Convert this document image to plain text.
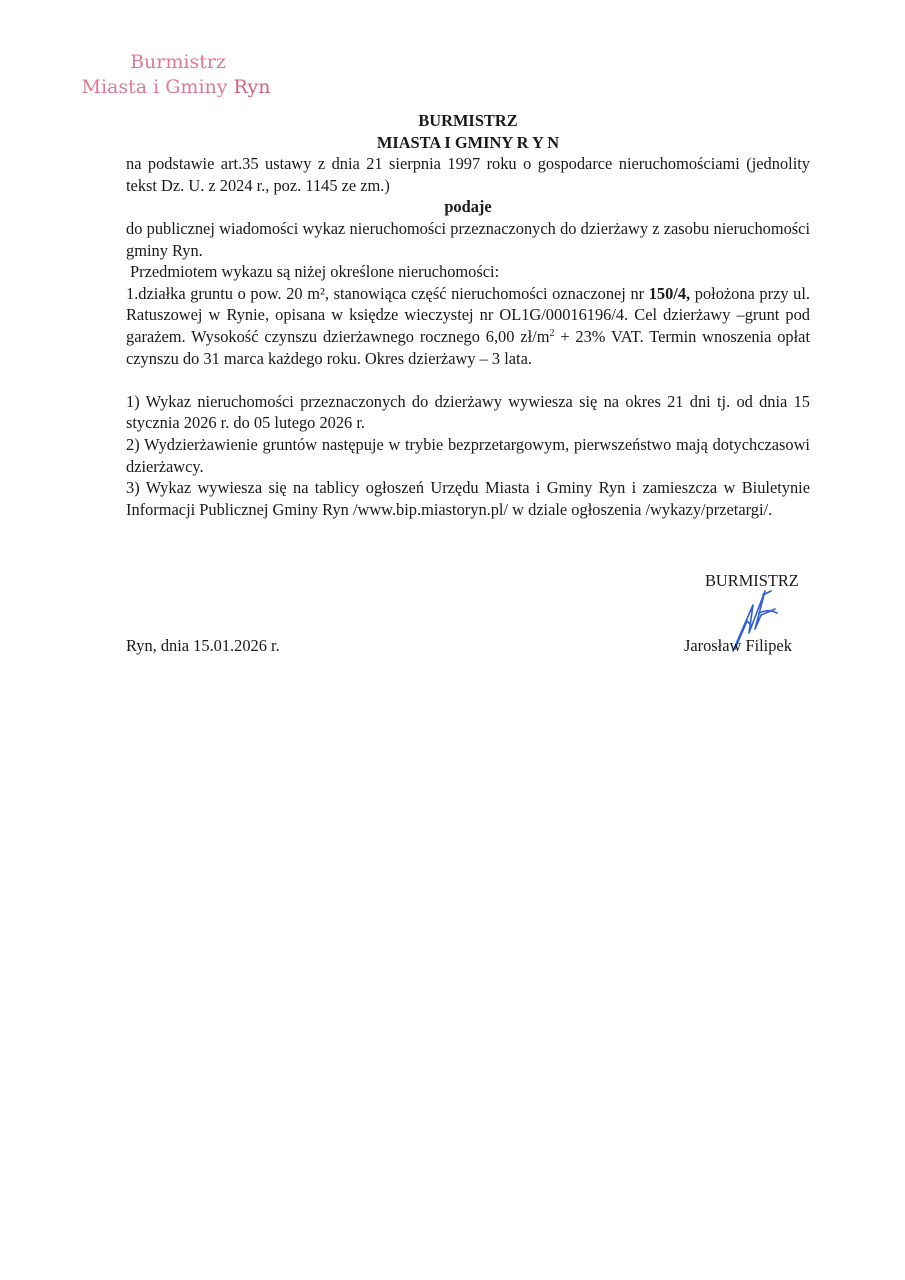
Burmistrz
Miasta i Gminy Ryn

BURMISTRZ

MIASTA I GMINY R Y N

na podstawie art.35 ustawy z dnia 21 sierpnia 1997 roku o gospodarce nieruchomościami (jednolity tekst Dz. U. z 2024 r., poz. 1145 ze zm.)

podaje

do publicznej wiadomości wykaz nieruchomości przeznaczonych do dzierżawy z zasobu nieruchomości gminy Ryn.

Przedmiotem wykazu są niżej określone nieruchomości:

1.działka gruntu o pow. 20 m², stanowiąca część nieruchomości oznaczonej nr 150/4, położona przy ul. Ratuszowej w Rynie, opisana w księdze wieczystej nr OL1G/00016196/4. Cel dzierżawy –grunt pod garażem. Wysokość czynszu dzierżawnego rocznego 6,00 $zł/m^2 + 23\%$ VAT. Termin wnoszenia opłat czynszu do 31 marca każdego roku. Okres dzierżawy – 3 lata.

1) Wykaz nieruchomości przeznaczonych do dzierżawy wywiesza się na okres 21 dni tj. od dnia 15 stycznia 2026 r. do 05 lutego 2026 r.

2) Wydzierżawienie gruntów następuje w trybie bezprzetargowym, pierwszeństwo mają dotychczasowi dzierżawcy.

3) Wykaz wywiesza się na tablicy ogłoszeń Urzędu Miasta i Gminy Ryn i zamieszcza w Biuletynie Informacji Publicznej Gminy Ryn /www.bip.miastoryn.pl/ w dziale ogłoszenia /wykazy/przetargi/.

BURMISTRZ
Ryn, dnia 15.01.2026 r.	Jarosław Filipek
